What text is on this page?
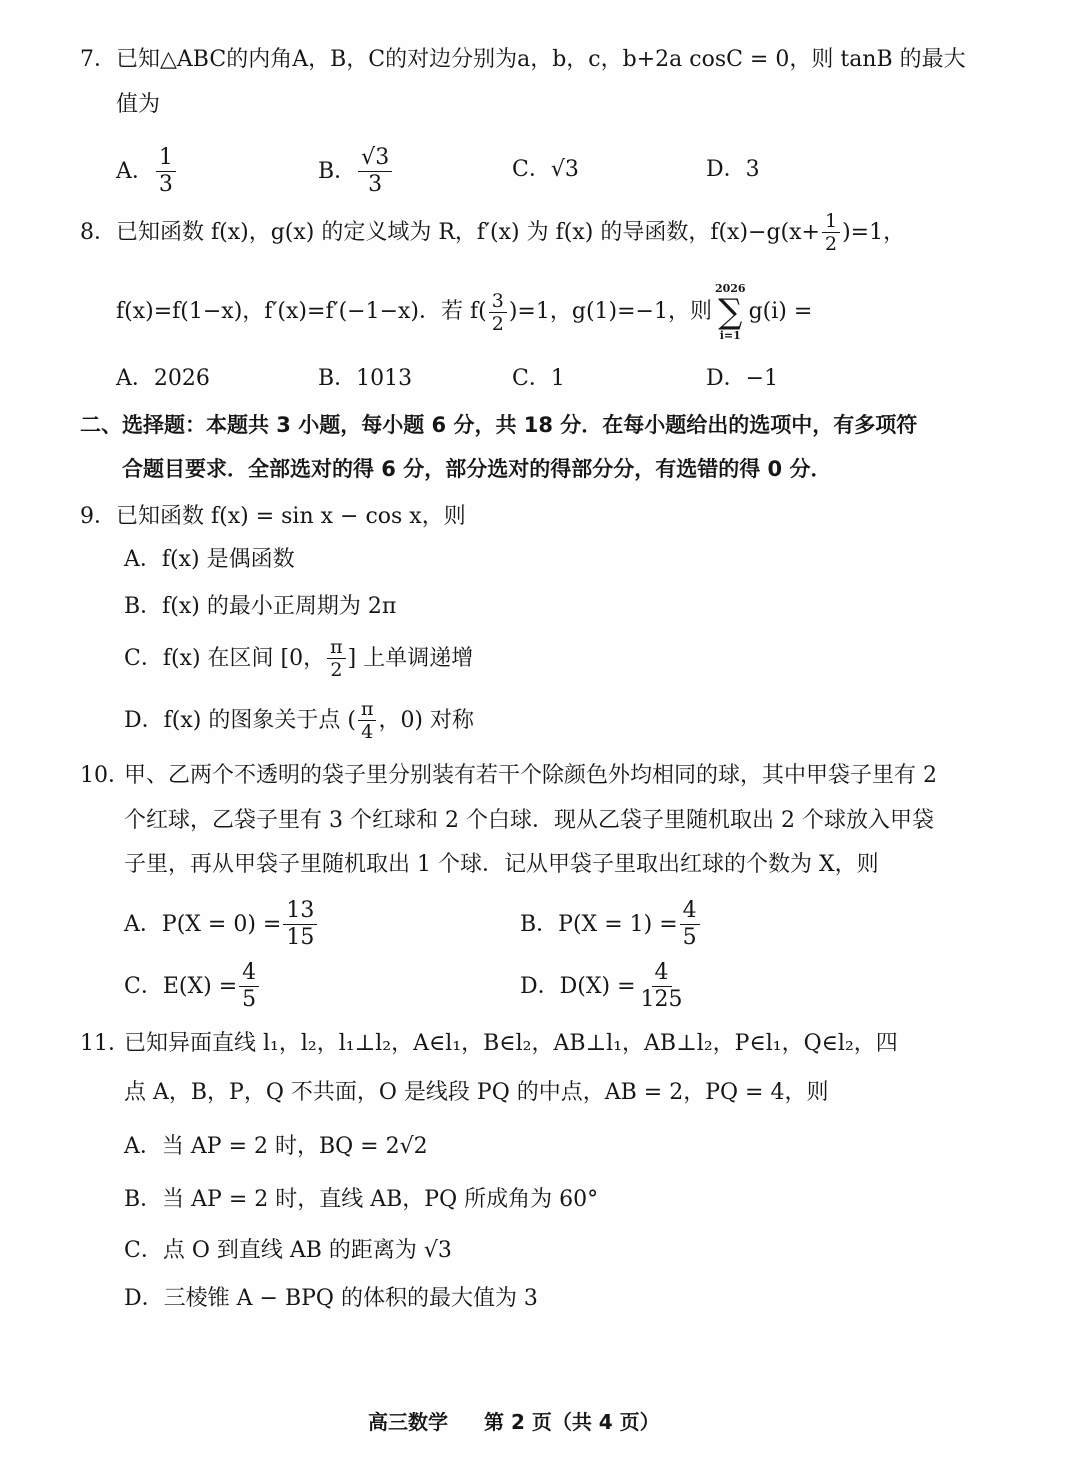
7． 已知△ABC的内角A，B，C的对边分别为a，b，c，b+2a cosC = 0，则 tanB 的最大
值为
A． $\frac{1}{3}$	B． $\frac{√3}{3}$	C．√3	D．3
8． 已知函数 f(x)，g(x) 的定义域为 R，f′(x) 为 f(x) 的导函数，$f(x)-g(x+ \frac{1}{2} )=1$，
f(x)=f(1−x)，f′(x)=f′(−1−x)．若 $f( \frac{3}{2} )=1$，g(1)=−1，则
2026
∑
i=1
g(i) =
A．2026	B．1013	C．1	D．−1
二、选择题：本题共 3 小题，每小题 6 分，共 18 分．在每小题给出的选项中，有多项符
合题目要求．全部选对的得 6 分，部分选对的得部分分，有选错的得 0 分．
9． 已知函数 f(x) = sin x − cos x，则
A．f(x) 是偶函数
B．f(x) 的最小正周期为 2π
C．f(x) 在区间 [0， $\frac{\pi}{2}$ ] 上单调递增
D．f(x) 的图象关于点 ( $\frac{\pi}{4}$ ，0) 对称
10．
甲、乙两个不透明的袋子里分别装有若干个除颜色外均相同的球，其中甲袋子里有 2
个红球，乙袋子里有 3 个红球和 2 个白球．现从乙袋子里随机取出 2 个球放入甲袋
子里，再从甲袋子里随机取出 1 个球．记从甲袋子里取出红球的个数为 X，则
A．$P(X = 0) = \frac{13}{15}$	B．$P(X = 1) = \frac{4}{5}$
C．$E(X) = \frac{4}{5}$	D．$D(X) = \frac{4}{125}$
11．
已知异面直线 l₁，l₂，l₁⊥l₂，A∈l₁，B∈l₂，AB⊥l₁，AB⊥l₂，P∈l₁，Q∈l₂，四
点 A，B，P，Q 不共面，O 是线段 PQ 的中点，AB = 2，PQ = 4，则
A．当 AP = 2 时，BQ = 2√2
B．当 AP = 2 时，直线 AB，PQ 所成角为 60°
C．点 O 到直线 AB 的距离为 √3
D．三棱锥 A − BPQ 的体积的最大值为 3
高三数学 第 2 页（共 4 页）
